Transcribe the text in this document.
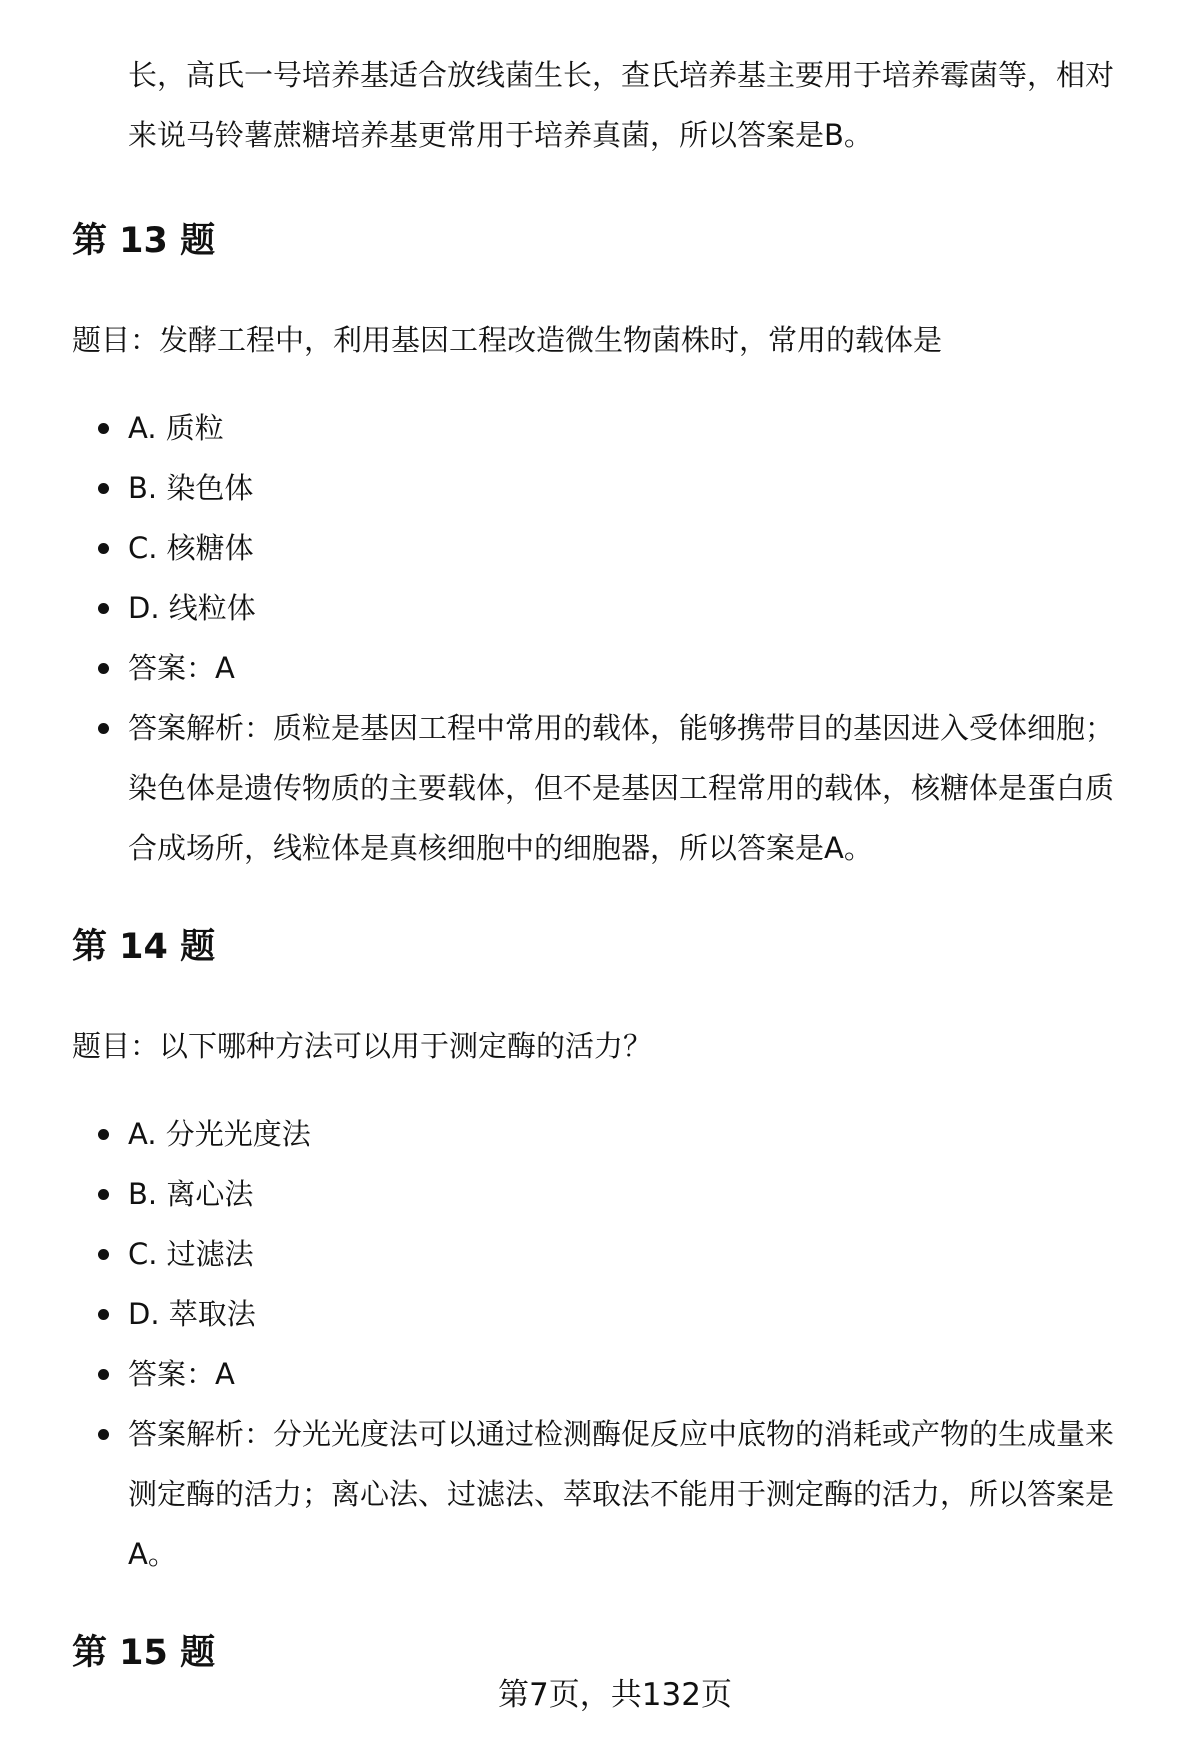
长，高氏一号培养基适合放线菌生长，查氏培养基主要用于培养霉菌等，相对
来说马铃薯蔗糖培养基更常用于培养真菌，所以答案是B。
第 13 题
题目：发酵工程中，利用基因工程改造微生物菌株时，常用的载体是
A. 质粒
B. 染色体
C. 核糖体
D. 线粒体
答案：A
答案解析：质粒是基因工程中常用的载体，能够携带目的基因进入受体细胞；
染色体是遗传物质的主要载体，但不是基因工程常用的载体，核糖体是蛋白质
合成场所，线粒体是真核细胞中的细胞器，所以答案是A。
第 14 题
题目：以下哪种方法可以用于测定酶的活力？
A. 分光光度法
B. 离心法
C. 过滤法
D. 萃取法
答案：A
答案解析：分光光度法可以通过检测酶促反应中底物的消耗或产物的生成量来
测定酶的活力；离心法、过滤法、萃取法不能用于测定酶的活力，所以答案是
A。
第 15 题
第7页，共132页
